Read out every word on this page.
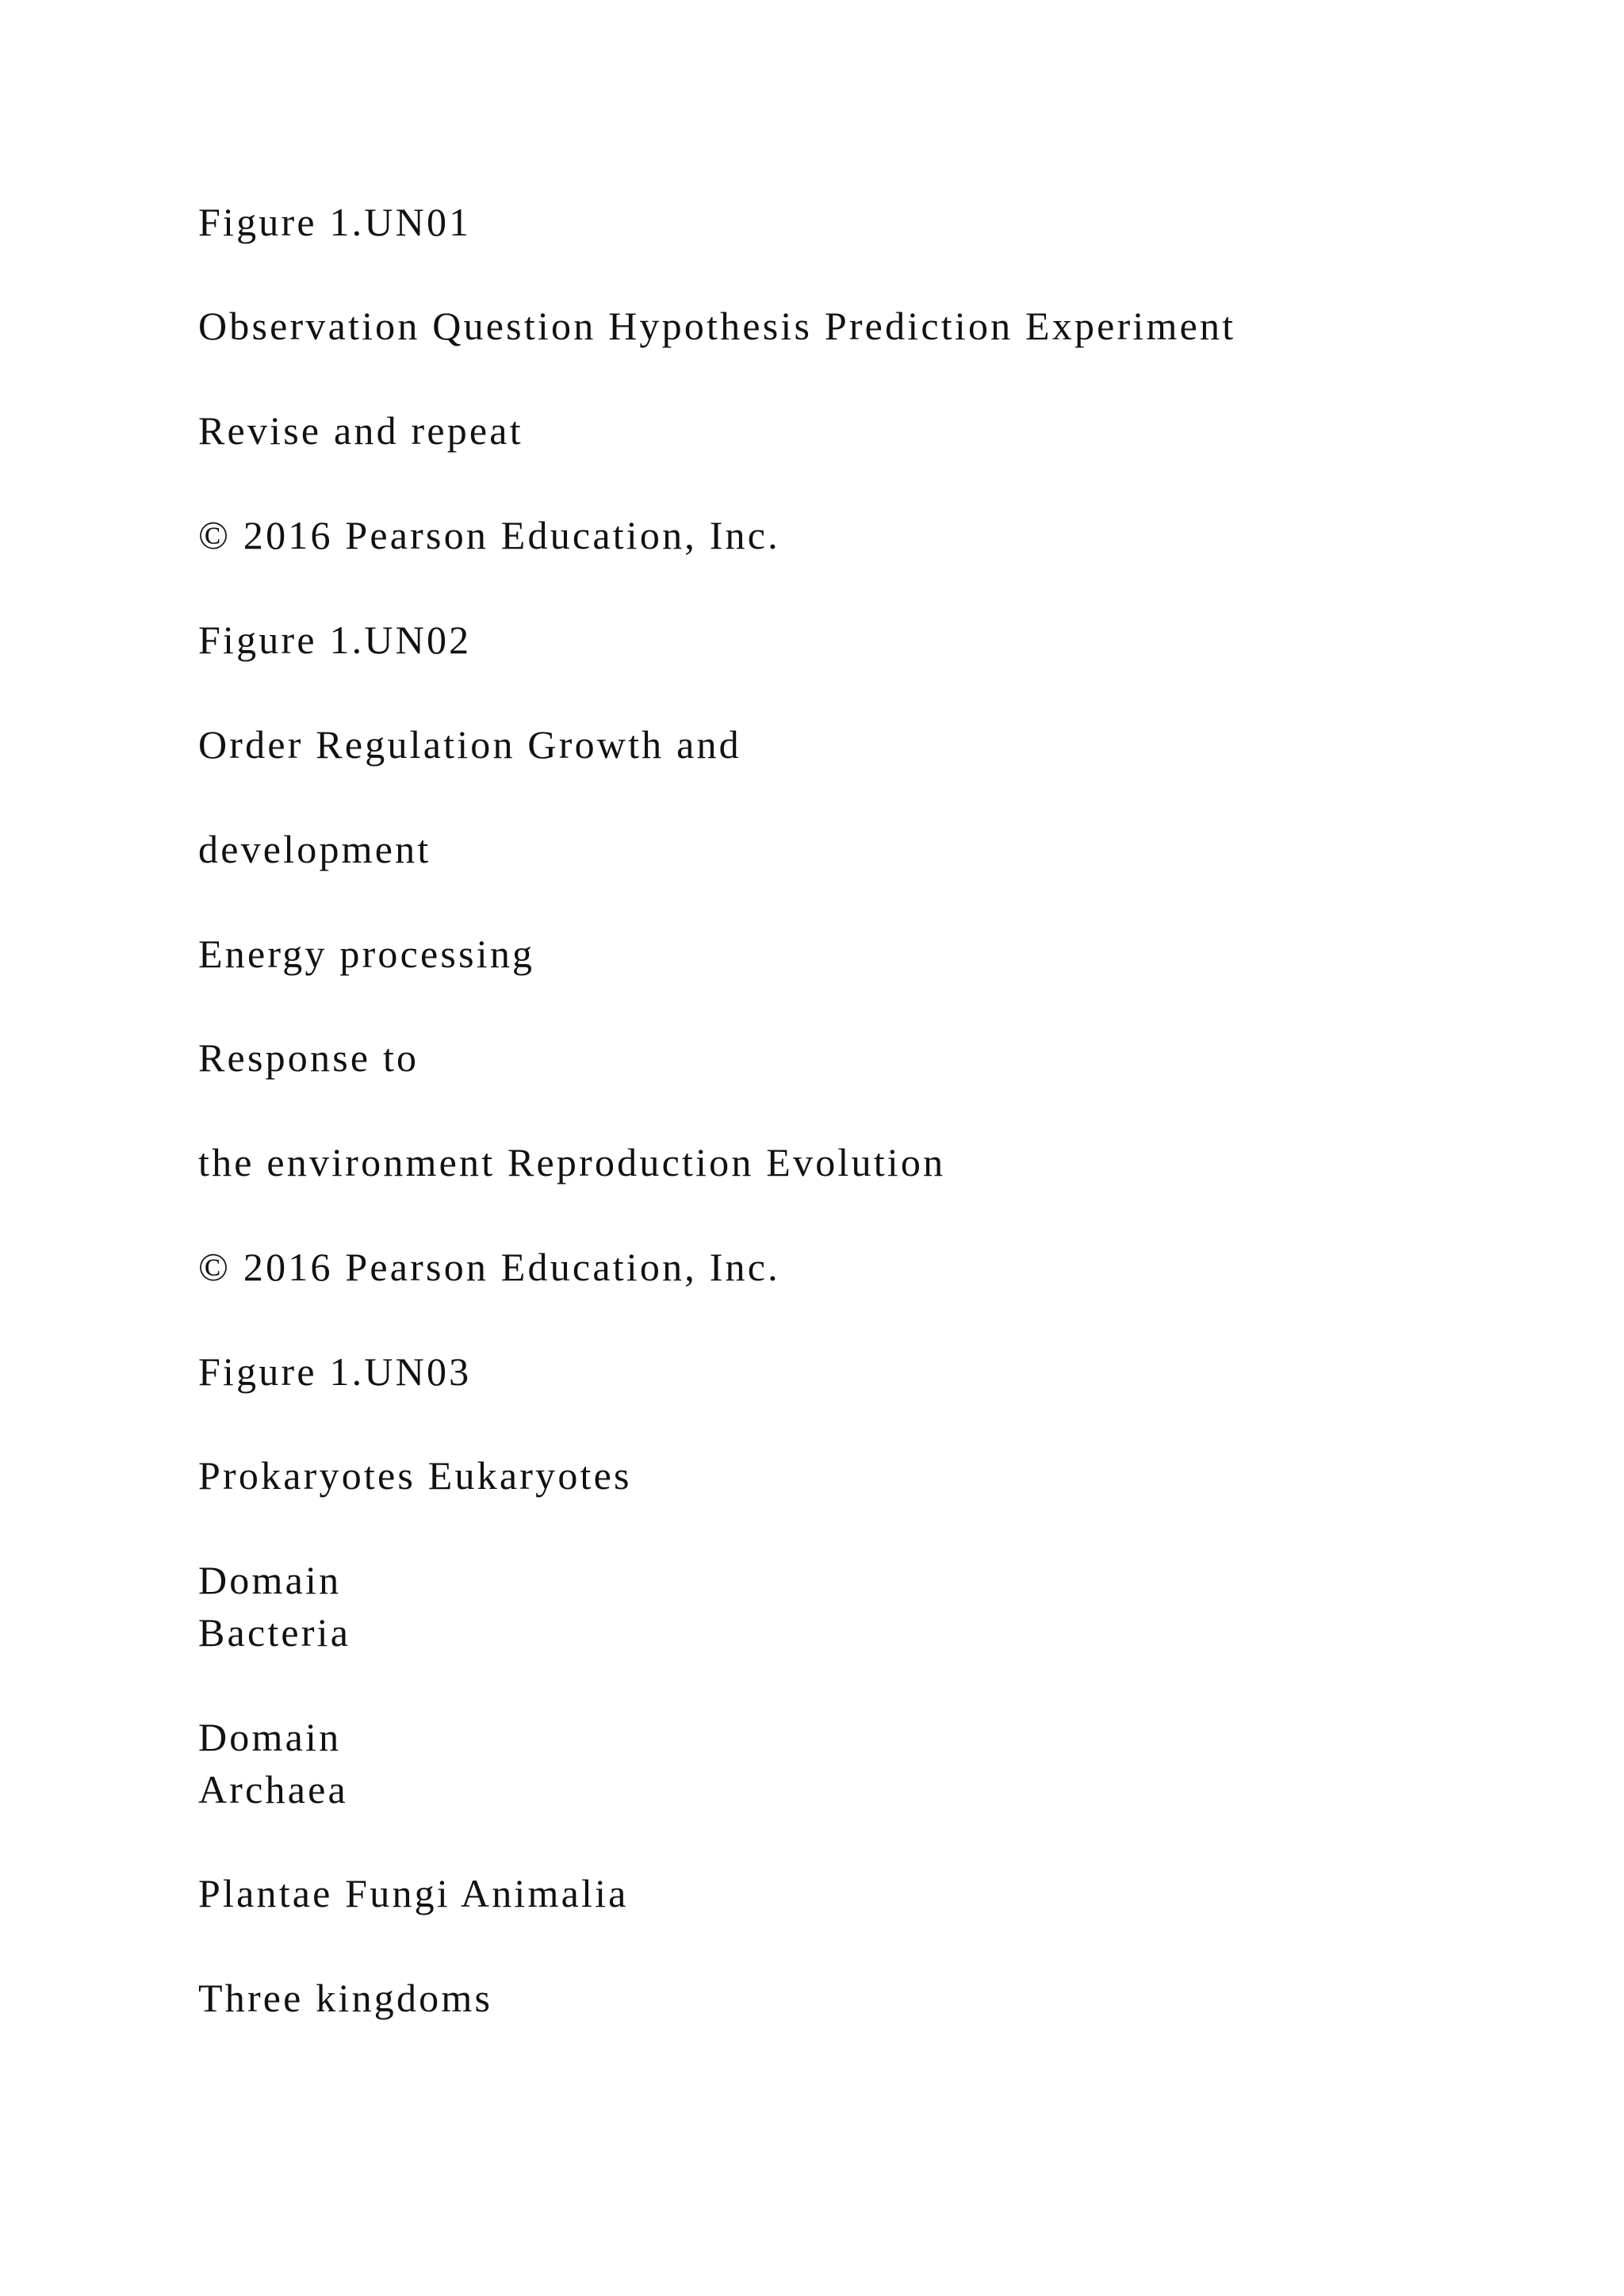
Figure 1.UN01
Observation Question Hypothesis Prediction Experiment
Revise and repeat
© 2016 Pearson Education, Inc.
Figure 1.UN02
Order Regulation Growth and
development
Energy processing
Response to
the environment Reproduction Evolution
© 2016 Pearson Education, Inc.
Figure 1.UN03
Prokaryotes Eukaryotes
Domain
Bacteria
Domain
Archaea
Plantae Fungi Animalia
Three kingdoms
